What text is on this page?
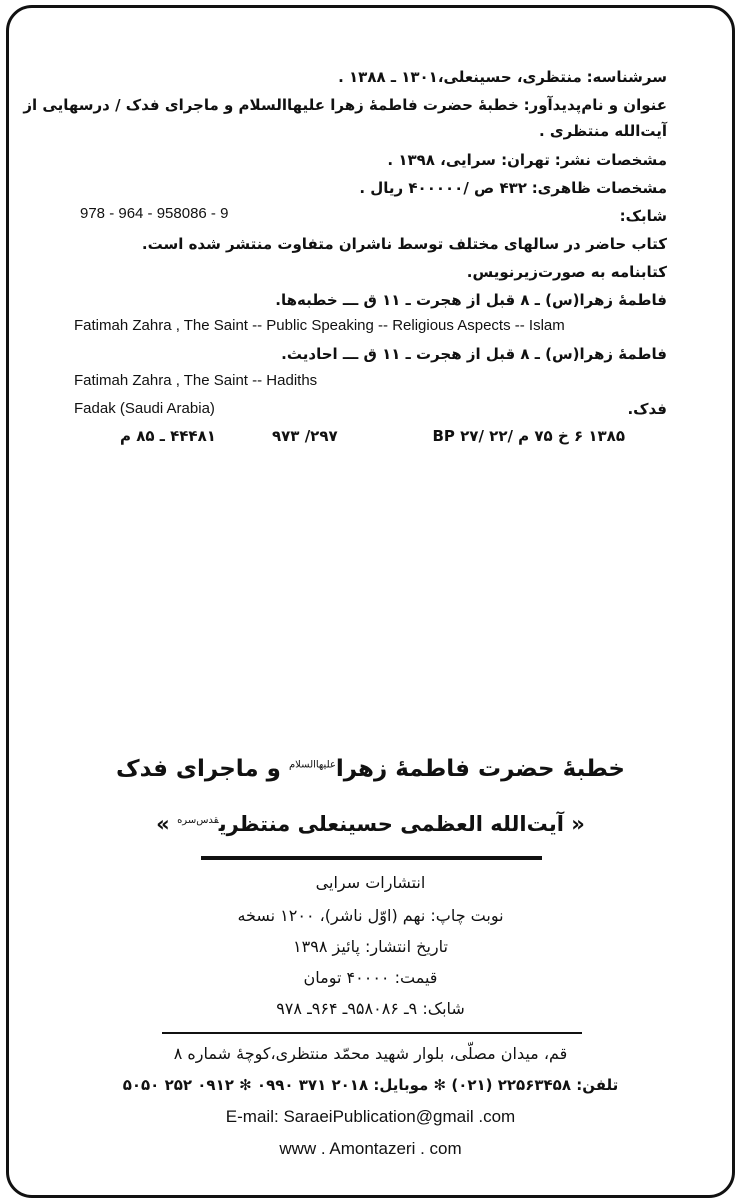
سرشناسه: منتظری، حسینعلی،۱۳۰۱ ـ ۱۳۸۸ .
عنوان و نام‌پدیدآور: خطبهٔ حضرت فاطمهٔ زهرا علیهاالسلام و ماجرای فدک / درسهایی از
آیت‌الله منتظری .
مشخصات نشر: تهران: سرایی، ۱۳۹۸ .
مشخصات ظاهری: ۴۳۲ ص /۴۰۰۰۰۰ ریال .
شابک:
978 - 964 - 958086 - 9
کتاب حاضر در سالهای مختلف توسط ناشران متفاوت منتشر شده است.
کتابنامه به صورت‌زیرنویس.
فاطمهٔ زهرا(س) ـ ۸ قبل از هجرت ـ ۱۱ ق ـــ خطبه‌ها.
Fatimah Zahra , The Saint -- Public Speaking -- Religious Aspects -- Islam
فاطمهٔ زهرا(س) ـ ۸ قبل از هجرت ـ ۱۱ ق ـــ احادیث.
Fatimah Zahra , The Saint -- Hadiths
فدک.
Fadak (Saudi Arabia)
۱۳۸۵ ۶ خ ۷۵ م /۲۲ /۲۷ BP
۲۹۷/ ۹۷۳
۴۴۴۸۱ ـ ۸۵ م
خطبهٔ حضرت فاطمهٔ زهرا$^{علیهاالسلام}$ و ماجرای فدک
« آیت‌الله العظمی حسینعلی منتظری$^{قدس‌سره}$ »
انتشارات سرایی
نوبت چاپ: نهم (اوّل ناشر)، ۱۲۰۰ نسخه
تاریخ انتشار: پائیز ۱۳۹۸
قیمت: ۴۰۰۰۰ تومان
شابک: ۹ـ ۹۵۸۰۸۶ـ ۹۶۴ـ ۹۷۸
قم، میدان مصلّی، بلوار شهید محمّد منتظری،کوچهٔ شماره ۸
تلفن: ۲۲۵۶۳۴۵۸ (۰۲۱) ✻ موبایل: ۲۰۱۸ ۳۷۱ ۰۹۹۰ ✻ ۰۹۱۲ ۲۵۲ ۵۰۵۰
E-mail: SaraeiPublication@gmail .com
www . Amontazeri . com
